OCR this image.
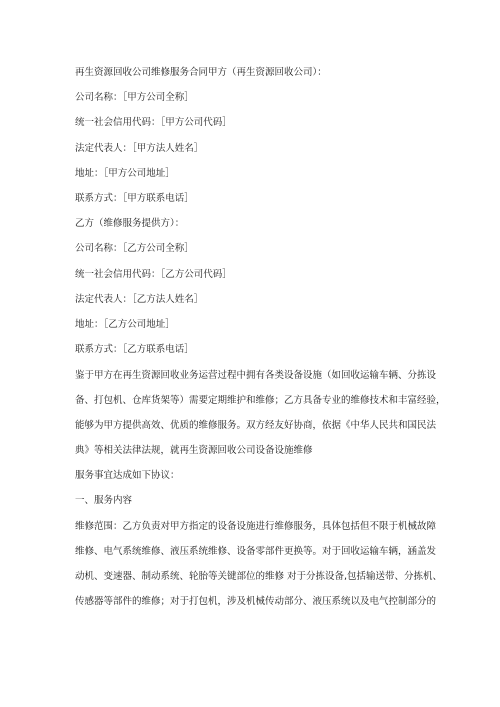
再生资源回收公司维修服务合同甲方（再生资源回收公司）：
公司名称：［甲方公司全称］
统一社会信用代码：［甲方公司代码］
法定代表人：［甲方法人姓名］
地址：［甲方公司地址］
联系方式：［甲方联系电话］
乙方（维修服务提供方）：
公司名称：［乙方公司全称］
统一社会信用代码：［乙方公司代码］
法定代表人：［乙方法人姓名］
地址：［乙方公司地址］
联系方式：［乙方联系电话］
鉴于甲方在再生资源回收业务运营过程中拥有各类设备设施（如回收运输车辆、分拣设
备、打包机、仓库货架等）需要定期维护和维修；乙方具备专业的维修技术和丰富经验，
能够为甲方提供高效、优质的维修服务。双方经友好协商，依据《中华人民共和国民法
典》等相关法律法规，就再生资源回收公司设备设施维修
服务事宜达成如下协议：
一、服务内容
维修范围：乙方负责对甲方指定的设备设施进行维修服务，具体包括但不限于机械故障
维修、电气系统维修、液压系统维修、设备零部件更换等。对于回收运输车辆，涵盖发
动机、变速器、制动系统、轮胎等关键部位的维修 对于分拣设备,包括输送带、分拣机、
传感器等部件的维修；对于打包机，涉及机械传动部分、液压系统以及电气控制部分的
